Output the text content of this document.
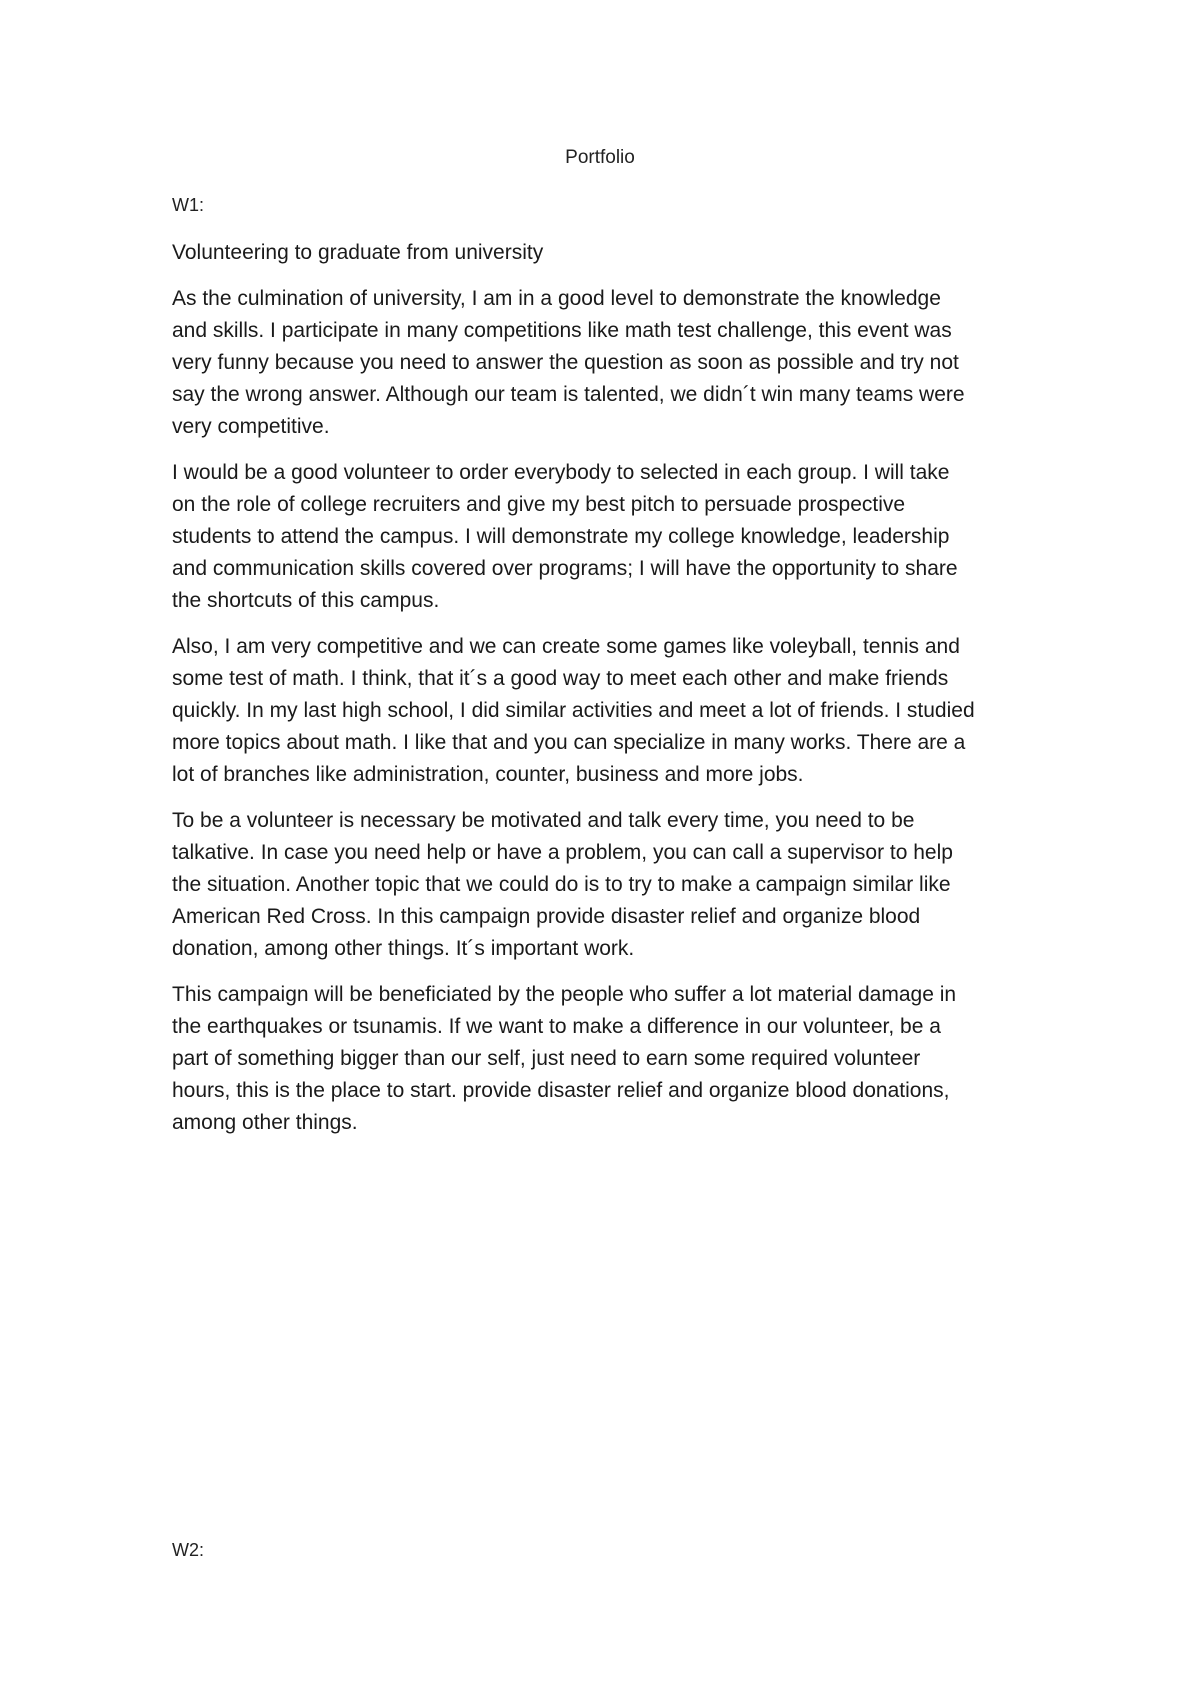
Portfolio
W1:
Volunteering to graduate from university
As the culmination of university, I am in a good level to demonstrate the knowledge
and skills. I participate in many competitions like math test challenge, this event was
very funny because you need to answer the question as soon as possible and try not
say the wrong answer. Although our team is talented, we didn´t win many teams were
very competitive.
I would be a good volunteer to order everybody to selected in each group. I will take
on the role of college recruiters and give my best pitch to persuade prospective
students to attend the campus. I will demonstrate my college knowledge, leadership
and communication skills covered over programs; I will have the opportunity to share
the shortcuts of this campus.
Also, I am very competitive and we can create some games like voleyball, tennis and
some test of math. I think, that it´s a good way to meet each other and make friends
quickly. In my last high school, I did similar activities and meet a lot of friends. I studied
more topics about math. I like that and you can specialize in many works. There are a
lot of branches like administration, counter, business and more jobs.
To be a volunteer is necessary be motivated and talk every time, you need to be
talkative. In case you need help or have a problem, you can call a supervisor to help
the situation. Another topic that we could do is to try to make a campaign similar like
American Red Cross. In this campaign provide disaster relief and organize blood
donation, among other things. It´s important work.
This campaign will be beneficiated by the people who suffer a lot material damage in
the earthquakes or tsunamis. If we want to make a difference in our volunteer, be a
part of something bigger than our self, just need to earn some required volunteer
hours, this is the place to start. provide disaster relief and organize blood donations,
among other things.
W2:
